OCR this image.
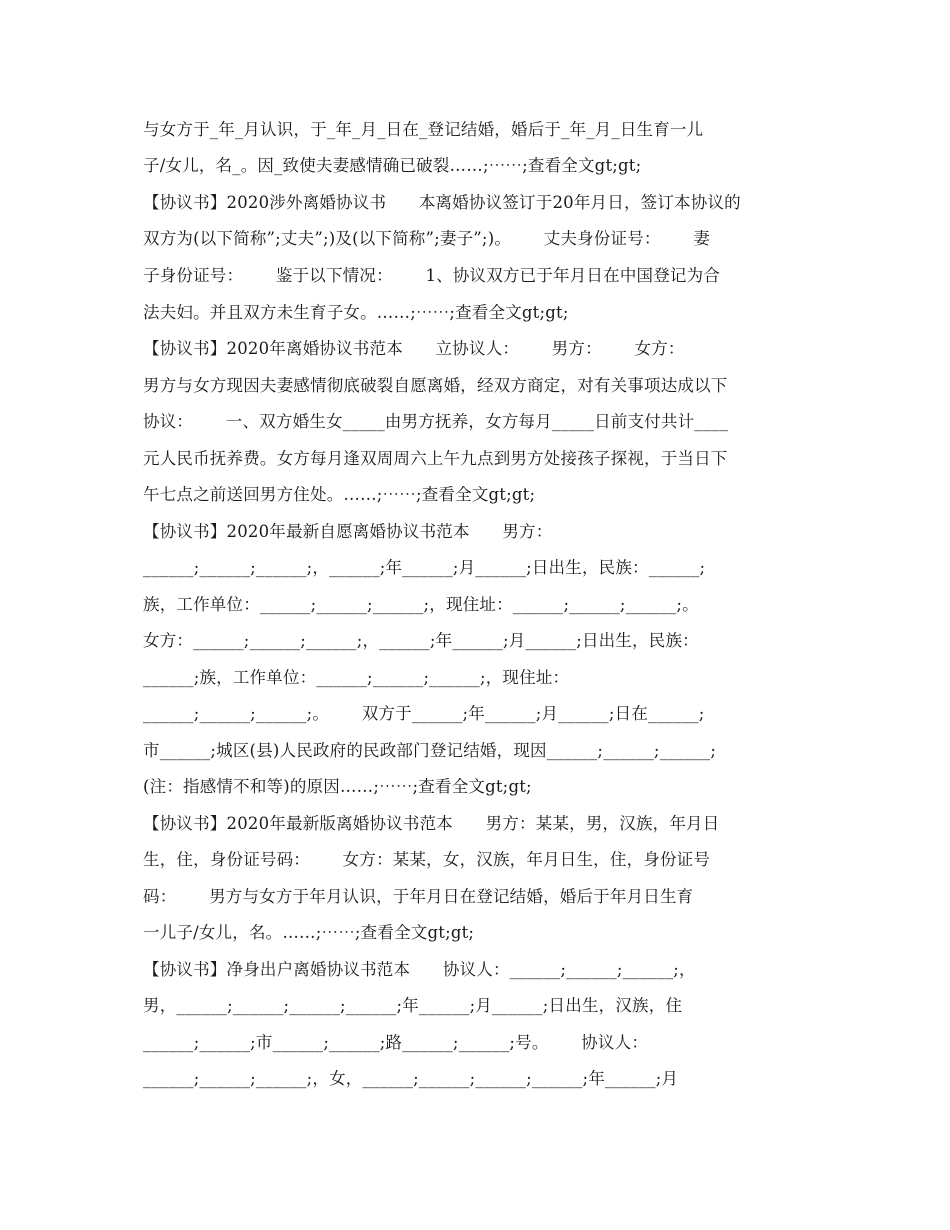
与女方于_年_月认识，于_年_月_日在_登记结婚，婚后于_年_月_日生育一儿
子/女儿，名_。因_致使夫妻感情确已破裂……;⋯⋯;查看全文gt;gt;
【协议书】2020涉外离婚协议书      本离婚协议签订于20年月日，签订本协议的
双方为(以下简称”;丈夫”;)及(以下简称”;妻子”;)。      丈夫身份证号：      妻
子身份证号：      鉴于以下情况：      1、协议双方已于年月日在中国登记为合
法夫妇。并且双方未生育子女。……;⋯⋯;查看全文gt;gt;
【协议书】2020年离婚协议书范本      立协议人：      男方：      女方：
男方与女方现因夫妻感情彻底破裂自愿离婚，经双方商定，对有关事项达成以下
协议：      一、双方婚生女_____由男方抚养，女方每月_____日前支付共计____
元人民币抚养费。女方每月逢双周周六上午九点到男方处接孩子探视，于当日下
午七点之前送回男方住处。……;⋯⋯;查看全文gt;gt;
【协议书】2020年最新自愿离婚协议书范本      男方：
______;______;______;，______;年______;月______;日出生，民族：______;
族，工作单位：______;______;______;，现住址：______;______;______;。
女方：______;______;______;，______;年______;月______;日出生，民族：
______;族，工作单位：______;______;______;，现住址：
______;______;______;。      双方于______;年______;月______;日在______;
市______;城区(县)人民政府的民政部门登记结婚，现因______;______;______;
(注：指感情不和等)的原因……;⋯⋯;查看全文gt;gt;
【协议书】2020年最新版离婚协议书范本      男方：某某，男，汉族，年月日
生，住，身份证号码：      女方：某某，女，汉族，年月日生，住，身份证号
码：      男方与女方于年月认识，于年月日在登记结婚，婚后于年月日生育
一儿子/女儿，名。……;⋯⋯;查看全文gt;gt;
【协议书】净身出户离婚协议书范本      协议人：______;______;______;，
男，______;______;______;______;年______;月______;日出生，汉族，住
______;______;市______;______;路______;______;号。      协议人：
______;______;______;，女，______;______;______;______;年______;月
